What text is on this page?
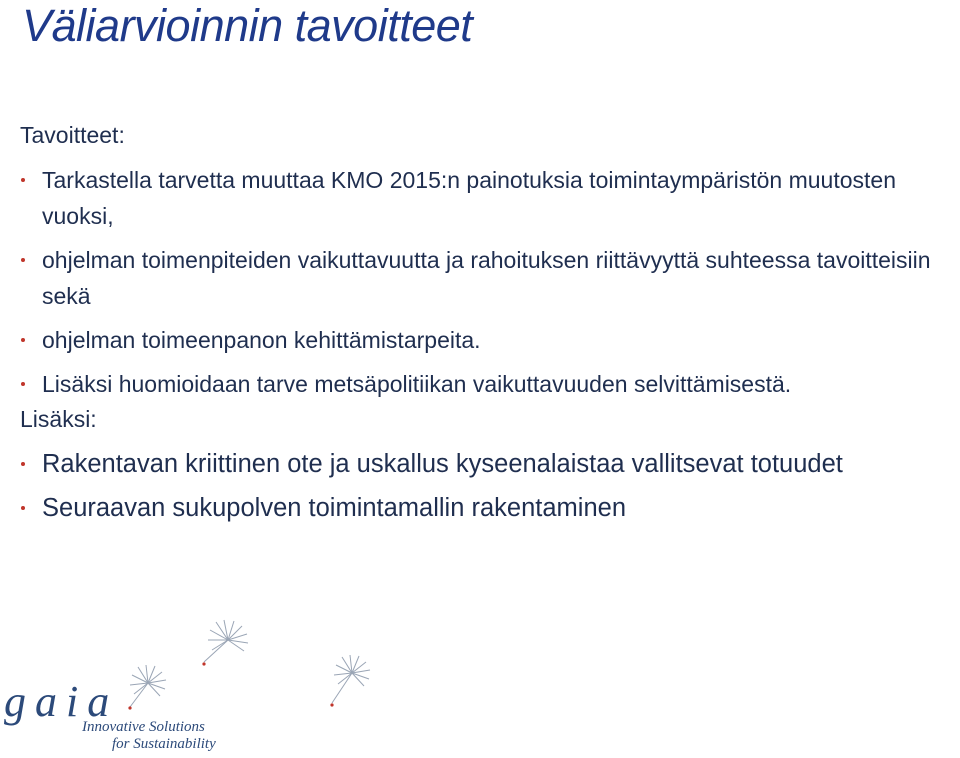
Väliarvioinnin tavoitteet
Tavoitteet:
Tarkastella tarvetta muuttaa KMO 2015:n painotuksia toimintaympäristön muutosten vuoksi,
ohjelman toimenpiteiden vaikuttavuutta ja rahoituksen riittävyyttä suhteessa tavoitteisiin sekä
ohjelman toimeenpanon kehittämistarpeita.
Lisäksi huomioidaan tarve metsäpolitiikan vaikuttavuuden selvittämisestä.
Lisäksi:
Rakentavan kriittinen ote ja uskallus kyseenalaistaa vallitsevat totuudet
Seuraavan sukupolven toimintamallin rakentaminen
gaia
Innovative Solutions
for Sustainability
